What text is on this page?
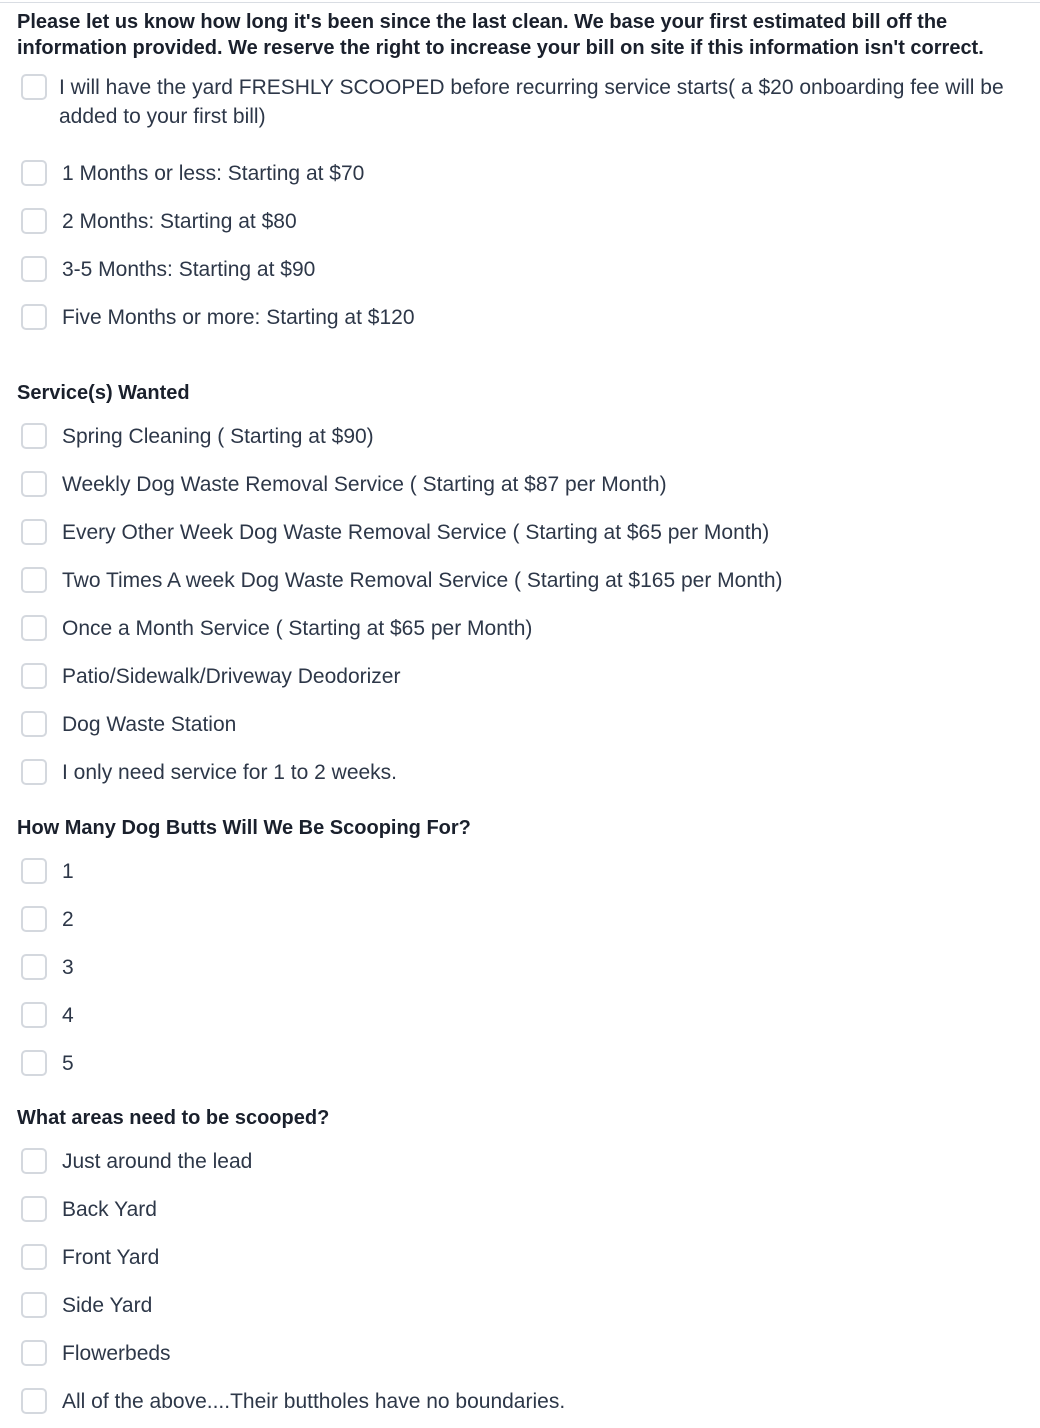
Please let us know how long it's been since the last clean. We base your first estimated bill off the information provided. We reserve the right to increase your bill on site if this information isn't correct.

I will have the yard FRESHLY SCOOPED before recurring service starts( a $20 onboarding fee will be added to your first bill)
1 Months or less: Starting at $70
2 Months: Starting at $80
3-5 Months: Starting at $90
Five Months or more: Starting at $120
Service(s) Wanted
Spring Cleaning ( Starting at $90)
Weekly Dog Waste Removal Service ( Starting at $87 per Month)
Every Other Week Dog Waste Removal Service ( Starting at $65 per Month)
Two Times A week Dog Waste Removal Service ( Starting at $165 per Month)
Once a Month Service ( Starting at $65 per Month)
Patio/Sidewalk/Driveway Deodorizer
Dog Waste Station
I only need service for 1 to 2 weeks.
How Many Dog Butts Will We Be Scooping For?
1
2
3
4
5
What areas need to be scooped?
Just around the lead
Back Yard
Front Yard
Side Yard
Flowerbeds
All of the above....Their buttholes have no boundaries.
